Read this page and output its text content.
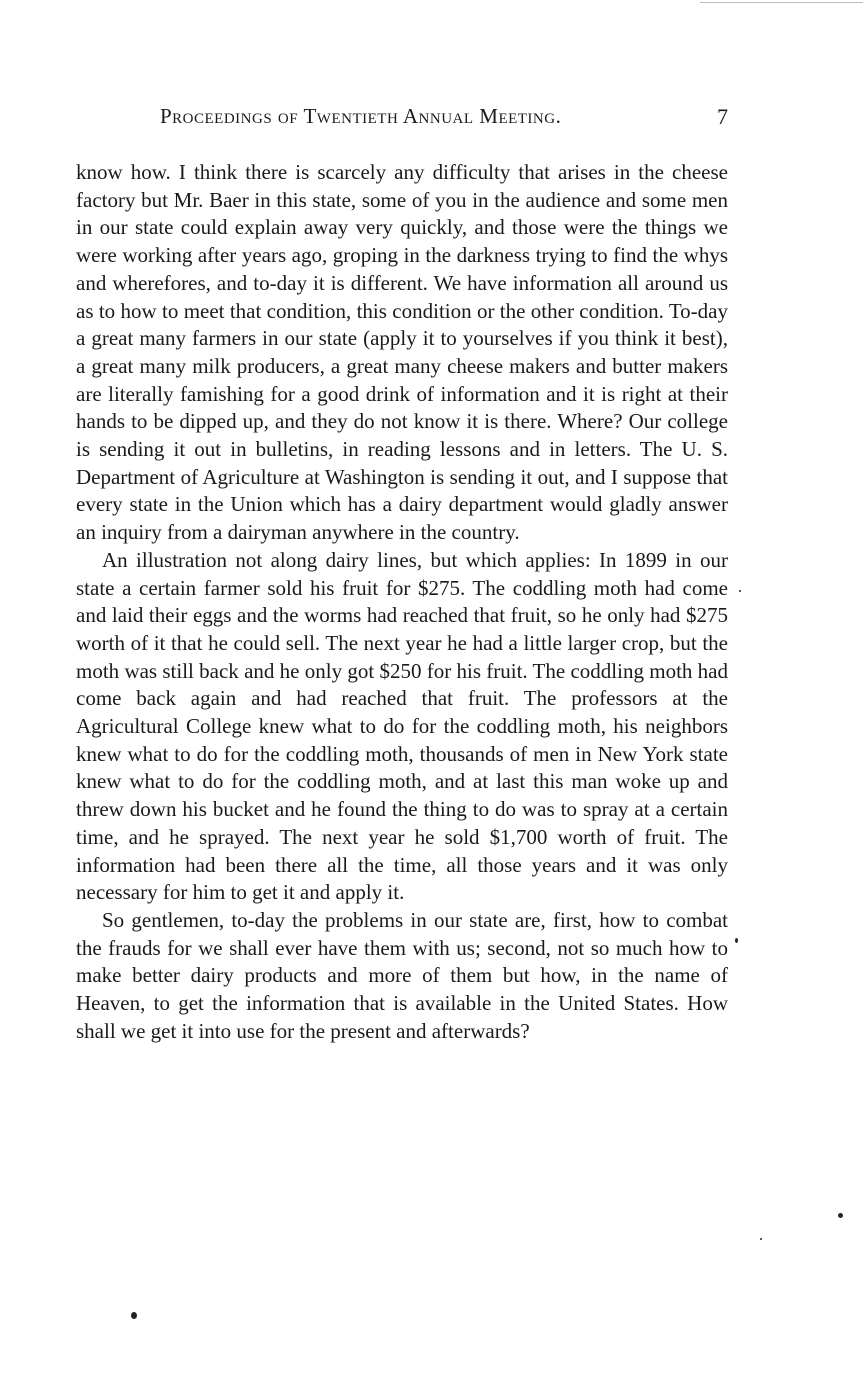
Proceedings of Twentieth Annual Meeting.	7

know how. I think there is scarcely any difficulty that arises in the cheese factory but Mr. Baer in this state, some of you in the audience and some men in our state could explain away very quickly, and those were the things we were working after years ago, groping in the darkness trying to find the whys and wherefores, and to-day it is different. We have information all around us as to how to meet that condition, this condition or the other condition. To-day a great many farmers in our state (apply it to yourselves if you think it best), a great many milk producers, a great many cheese makers and butter makers are literally famishing for a good drink of information and it is right at their hands to be dipped up, and they do not know it is there. Where? Our college is sending it out in bulletins, in reading lessons and in letters. The U. S. Department of Agriculture at Washington is sending it out, and I suppose that every state in the Union which has a dairy department would gladly answer an inquiry from a dairyman anywhere in the country.

An illustration not along dairy lines, but which applies: In 1899 in our state a certain farmer sold his fruit for $275. The coddling moth had come and laid their eggs and the worms had reached that fruit, so he only had $275 worth of it that he could sell. The next year he had a little larger crop, but the moth was still back and he only got $250 for his fruit. The coddling moth had come back again and had reached that fruit. The professors at the Agricultural College knew what to do for the coddling moth, his neighbors knew what to do for the coddling moth, thousands of men in New York state knew what to do for the coddling moth, and at last this man woke up and threw down his bucket and he found the thing to do was to spray at a certain time, and he sprayed. The next year he sold $1,700 worth of fruit. The information had been there all the time, all those years and it was only necessary for him to get it and apply it.

So gentlemen, to-day the problems in our state are, first, how to combat the frauds for we shall ever have them with us; second, not so much how to make better dairy products and more of them but how, in the name of Heaven, to get the information that is available in the United States. How shall we get it into use for the present and afterwards?
